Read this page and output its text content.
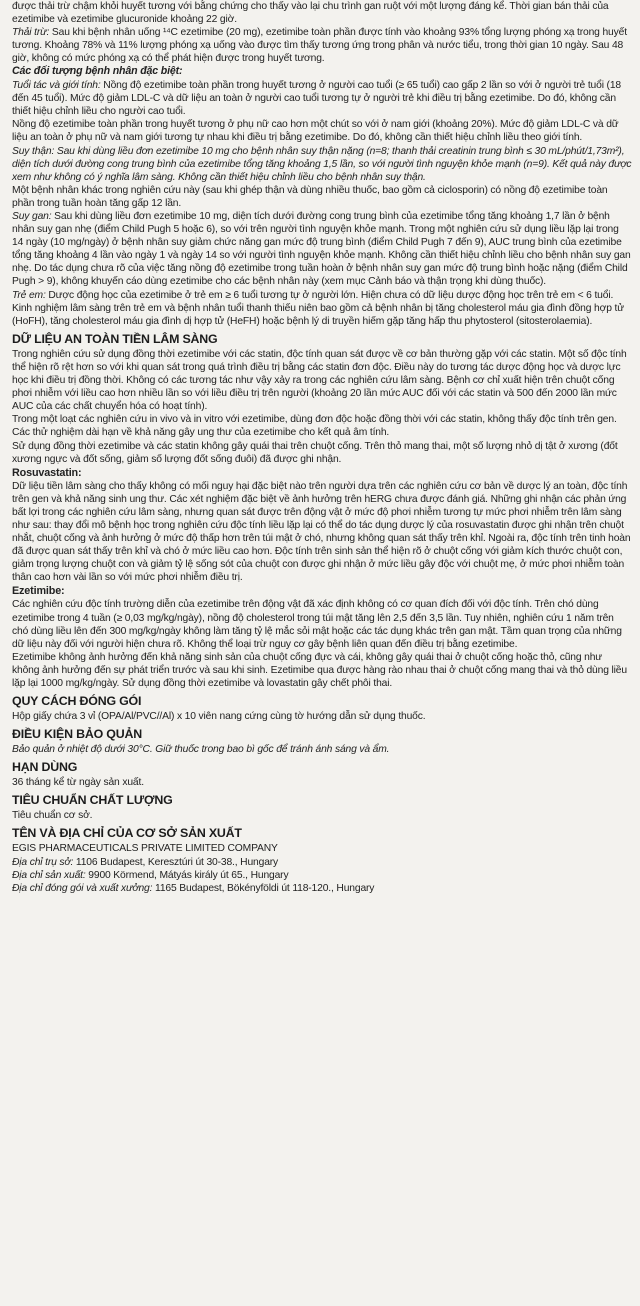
được thải trừ chậm khỏi huyết tương với bằng chứng cho thấy vào lại chu trình gan ruột với một lượng đáng kể. Thời gian bán thải của ezetimibe và ezetimibe glucuronide khoảng 22 giờ.

Thải trừ: Sau khi bệnh nhân uống ¹⁴C ezetimibe (20 mg), ezetimibe toàn phần được tính vào khoảng 93% tổng lượng phóng xạ trong huyết tương. Khoảng 78% và 11% lượng phóng xạ uống vào được tìm thấy tương ứng trong phân và nước tiểu, trong thời gian 10 ngày. Sau 48 giờ, không có mức phóng xạ có thể phát hiện được trong huyết tương.

Các đối tượng bệnh nhân đặc biệt:

Tuổi tác và giới tính: Nồng độ ezetimibe toàn phần trong huyết tương ở người cao tuổi (≥ 65 tuổi) cao gấp 2 lần so với ở người trẻ tuổi (18 đến 45 tuổi). Mức độ giảm LDL-C và dữ liệu an toàn ở người cao tuổi tương tự ở người trẻ khi điều trị bằng ezetimibe. Do đó, không cần thiết hiệu chỉnh liều cho người cao tuổi.

Nồng độ ezetimibe toàn phần trong huyết tương ở phụ nữ cao hơn một chút so với ở nam giới (khoảng 20%). Mức độ giảm LDL-C và dữ liệu an toàn ở phụ nữ và nam giới tương tự nhau khi điều trị bằng ezetimibe. Do đó, không cần thiết hiệu chỉnh liều theo giới tính.

Suy thận: Sau khi dùng liều đơn ezetimibe 10 mg cho bệnh nhân suy thận nặng (n=8; thanh thải creatinin trung bình ≤ 30 mL/phút/1,73m²), diện tích dưới đường cong trung bình của ezetimibe tổng tăng khoảng 1,5 lần, so với người tình nguyện khỏe mạnh (n=9). Kết quả này được xem như không có ý nghĩa lâm sàng. Không cần thiết hiệu chỉnh liều cho bệnh nhân suy thận.

Một bệnh nhân khác trong nghiên cứu này (sau khi ghép thận và dùng nhiều thuốc, bao gồm cả ciclosporin) có nồng độ ezetimibe toàn phần trong tuần hoàn tăng gấp 12 lần.

Suy gan: Sau khi dùng liều đơn ezetimibe 10 mg, diện tích dưới đường cong trung bình của ezetimibe tổng tăng khoảng 1,7 lần ở bệnh nhân suy gan nhẹ (điểm Child Pugh 5 hoặc 6), so với trên người tình nguyện khỏe mạnh. Trong một nghiên cứu sử dụng liều lặp lại trong 14 ngày (10 mg/ngày) ở bệnh nhân suy giảm chức năng gan mức độ trung bình (điểm Child Pugh 7 đến 9), AUC trung bình của ezetimibe tổng tăng khoảng 4 lần vào ngày 1 và ngày 14 so với người tình nguyện khỏe mạnh. Không cần thiết hiệu chỉnh liều cho bệnh nhân suy gan nhẹ. Do tác dụng chưa rõ của việc tăng nồng độ ezetimibe trong tuần hoàn ở bệnh nhân suy gan mức độ trung bình hoặc nặng (điểm Child Pugh > 9), không khuyến cáo dùng ezetimibe cho các bệnh nhân này (xem mục Cảnh báo và thận trọng khi dùng thuốc).

Trẻ em: Dược động học của ezetimibe ở trẻ em ≥ 6 tuổi tương tự ở người lớn. Hiện chưa có dữ liệu dược động học trên trẻ em < 6 tuổi. Kinh nghiệm lâm sàng trên trẻ em và bệnh nhân tuổi thanh thiếu niên bao gồm cả bệnh nhân bị tăng cholesterol máu gia đình đồng hợp tử (HoFH), tăng cholesterol máu gia đình dị hợp tử (HeFH) hoặc bệnh lý di truyền hiếm gặp tăng hấp thu phytosterol (sitosterolaemia).

DỮ LIỆU AN TOÀN TIỀN LÂM SÀNG

Trong nghiên cứu sử dụng đồng thời ezetimibe với các statin, độc tính quan sát được về cơ bản thường gặp với các statin. Một số độc tính thể hiện rõ rệt hơn so với khi quan sát trong quá trình điều trị bằng các statin đơn độc. Điều này do tương tác dược động học và dược lực học khi điều trị đồng thời. Không có các tương tác như vậy xảy ra trong các nghiên cứu lâm sàng. Bệnh cơ chỉ xuất hiện trên chuột cống phơi nhiễm với liều cao hơn nhiều lần so với liều điều trị trên người (khoảng 20 lần mức AUC đối với các statin và 500 đến 2000 lần mức AUC của các chất chuyển hóa có hoạt tính).

Trong một loạt các nghiên cứu in vivo và in vitro với ezetimibe, dùng đơn độc hoặc đồng thời với các statin, không thấy độc tính trên gen. Các thử nghiệm dài hạn về khả năng gây ung thư của ezetimibe cho kết quả âm tính.

Sử dụng đồng thời ezetimibe và các statin không gây quái thai trên chuột cống. Trên thỏ mang thai, một số lượng nhỏ dị tật ở xương (đốt xương ngực và đốt sống, giảm số lượng đốt sống đuôi) đã được ghi nhận.

Rosuvastatin:

Dữ liệu tiền lâm sàng cho thấy không có mối nguy hại đặc biệt nào trên người dựa trên các nghiên cứu cơ bản về dược lý an toàn, độc tính trên gen và khả năng sinh ung thư. Các xét nghiệm đặc biệt về ảnh hưởng trên hERG chưa được đánh giá. Những ghi nhận các phản ứng bất lợi trong các nghiên cứu lâm sàng, nhưng quan sát được trên động vật ở mức độ phơi nhiễm tương tự mức phơi nhiễm trên lâm sàng như sau: thay đổi mô bệnh học trong nghiên cứu độc tính liều lặp lại có thể do tác dụng dược lý của rosuvastatin được ghi nhận trên chuột nhắt, chuột cống và ảnh hưởng ở mức độ thấp hơn trên túi mật ở chó, nhưng không quan sát thấy trên khỉ. Ngoài ra, độc tính trên tinh hoàn đã được quan sát thấy trên khỉ và chó ở mức liều cao hơn. Độc tính trên sinh sản thể hiện rõ ở chuột cống với giảm kích thước chuột con, giảm trọng lượng chuột con và giảm tỷ lệ sống sót của chuột con được ghi nhận ở mức liều gây độc với chuột mẹ, ở mức phơi nhiễm toàn thân cao hơn vài lần so với mức phơi nhiễm điều trị.

Ezetimibe:

Các nghiên cứu độc tính trường diễn của ezetimibe trên động vật đã xác định không có cơ quan đích đối với độc tính. Trên chó dùng ezetimibe trong 4 tuần (≥ 0,03 mg/kg/ngày), nồng độ cholesterol trong túi mật tăng lên 2,5 đến 3,5 lần. Tuy nhiên, nghiên cứu 1 năm trên chó dùng liều lên đến 300 mg/kg/ngày không làm tăng tỷ lệ mắc sỏi mật hoặc các tác dụng khác trên gan mật. Tầm quan trọng của những dữ liệu này đối với người hiện chưa rõ. Không thể loại trừ nguy cơ gây bệnh liên quan đến điều trị bằng ezetimibe.

Ezetimibe không ảnh hưởng đến khả năng sinh sản của chuột cống đực và cái, không gây quái thai ở chuột cống hoặc thỏ, cũng như không ảnh hưởng đến sự phát triển trước và sau khi sinh. Ezetimibe qua được hàng rào nhau thai ở chuột cống mang thai và thỏ dùng liều lặp lại 1000 mg/kg/ngày. Sử dụng đồng thời ezetimibe và lovastatin gây chết phôi thai.

QUY CÁCH ĐÓNG GÓI

Hộp giấy chứa 3 vỉ (OPA/Al/PVC//Al) x 10 viên nang cứng cùng tờ hướng dẫn sử dụng thuốc.

ĐIỀU KIỆN BẢO QUẢN

Bảo quản ở nhiệt độ dưới 30°C. Giữ thuốc trong bao bì gốc để tránh ánh sáng và ẩm.

HẠN DÙNG

36 tháng kể từ ngày sản xuất.

TIÊU CHUẨN CHẤT LƯỢNG

Tiêu chuẩn cơ sở.

TÊN VÀ ĐỊA CHỈ CỦA CƠ SỞ SẢN XUẤT

EGIS PHARMACEUTICALS PRIVATE LIMITED COMPANY

Địa chỉ trụ sở: 1106 Budapest, Keresztúri út 30-38., Hungary

Địa chỉ sản xuất: 9900 Körmend, Mátyás király út 65., Hungary

Địa chỉ đóng gói và xuất xưởng: 1165 Budapest, Bökényföldi út 118-120., Hungary
